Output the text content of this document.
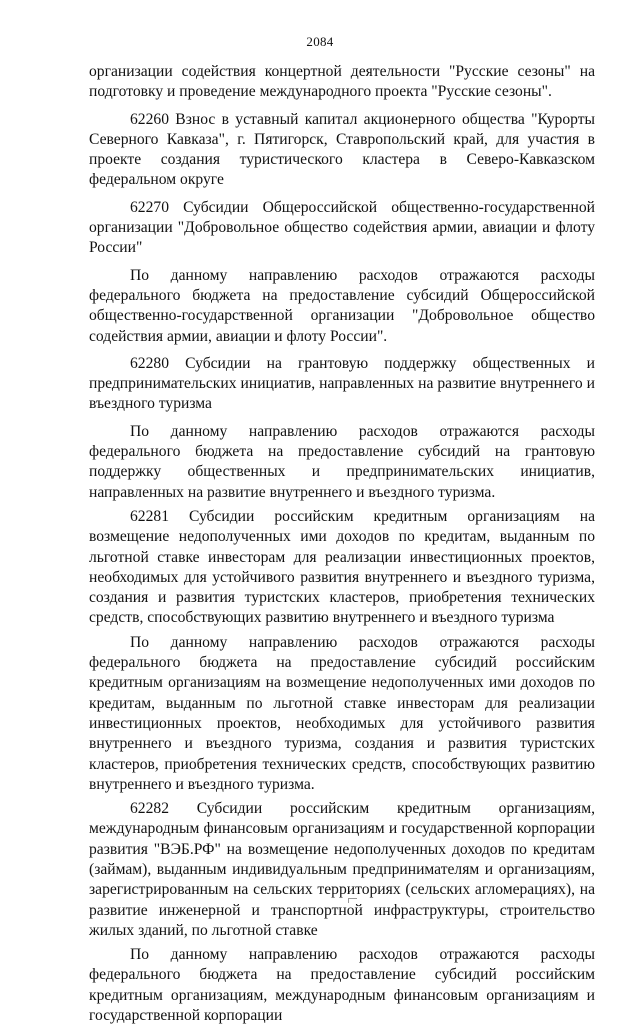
2084

организации содействия концертной деятельности "Русские сезоны" на подготовку и проведение международного проекта "Русские сезоны".

62260 Взнос в уставный капитал акционерного общества "Курорты Северного Кавказа", г. Пятигорск, Ставропольский край, для участия в проекте создания туристического кластера в Северо-Кавказском федеральном округе

62270 Субсидии Общероссийской общественно-государственной организации "Добровольное общество содействия армии, авиации и флоту России"

По данному направлению расходов отражаются расходы федерального бюджета на предоставление субсидий Общероссийской общественно-государственной организации "Добровольное общество содействия армии, авиации и флоту России".

62280 Субсидии на грантовую поддержку общественных и предпринимательских инициатив, направленных на развитие внутреннего и въездного туризма

По данному направлению расходов отражаются расходы федерального бюджета на предоставление субсидий на грантовую поддержку общественных и предпринимательских инициатив, направленных на развитие внутреннего и въездного туризма.

62281 Субсидии российским кредитным организациям на возмещение недополученных ими доходов по кредитам, выданным по льготной ставке инвесторам для реализации инвестиционных проектов, необходимых для устойчивого развития внутреннего и въездного туризма, создания и развития туристских кластеров, приобретения технических средств, способствующих развитию внутреннего и въездного туризма

По данному направлению расходов отражаются расходы федерального бюджета на предоставление субсидий российским кредитным организациям на возмещение недополученных ими доходов по кредитам, выданным по льготной ставке инвесторам для реализации инвестиционных проектов, необходимых для устойчивого развития внутреннего и въездного туризма, создания и развития туристских кластеров, приобретения технических средств, способствующих развитию внутреннего и въездного туризма.

62282 Субсидии российским кредитным организациям, международным финансовым организациям и государственной корпорации развития "ВЭБ.РФ" на возмещение недополученных доходов по кредитам (займам), выданным индивидуальным предпринимателям и организациям, зарегистрированным на сельских территориях (сельских агломерациях), на развитие инженерной и транспортной инфраструктуры, строительство жилых зданий, по льготной ставке

По данному направлению расходов отражаются расходы федерального бюджета на предоставление субсидий российским кредитным организациям, международным финансовым организациям и государственной корпорации
